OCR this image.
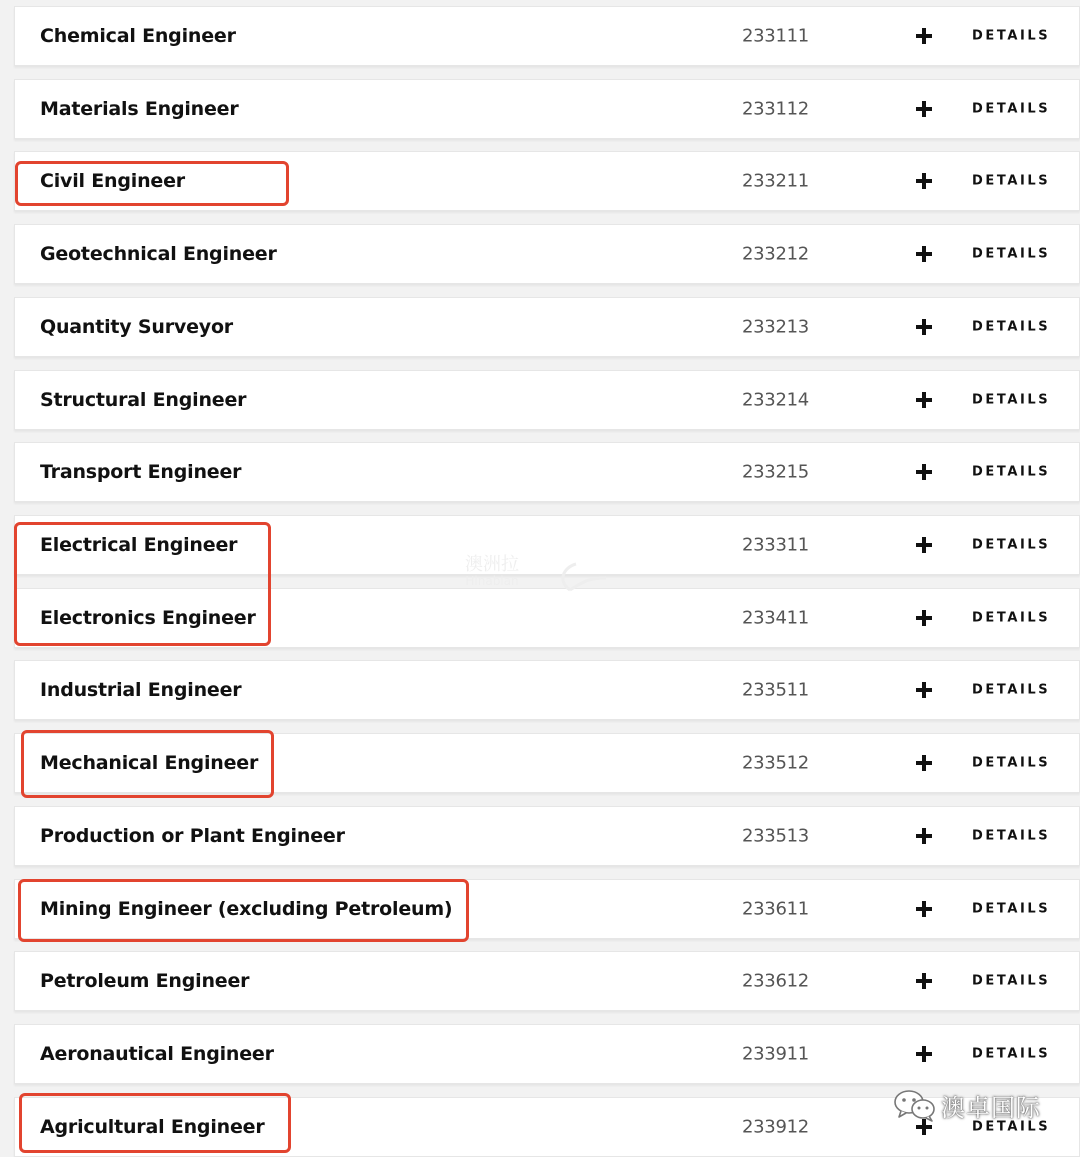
Chemical Engineer	233111	DETAILS
Materials Engineer	233112	DETAILS
Civil Engineer	233211	DETAILS
Geotechnical Engineer	233212	DETAILS
Quantity Surveyor	233213	DETAILS
Structural Engineer	233214	DETAILS
Transport Engineer	233215	DETAILS
Electrical Engineer	233311	DETAILS
Electronics Engineer	233411	DETAILS
Industrial Engineer	233511	DETAILS
Mechanical Engineer	233512	DETAILS
Production or Plant Engineer	233513	DETAILS
Mining Engineer (excluding Petroleum)	233611	DETAILS
Petroleum Engineer	233612	DETAILS
Aeronautical Engineer	233911	DETAILS
Agricultural Engineer	233912	DETAILS
澳洲拉
Hinabian
澳卓国际
